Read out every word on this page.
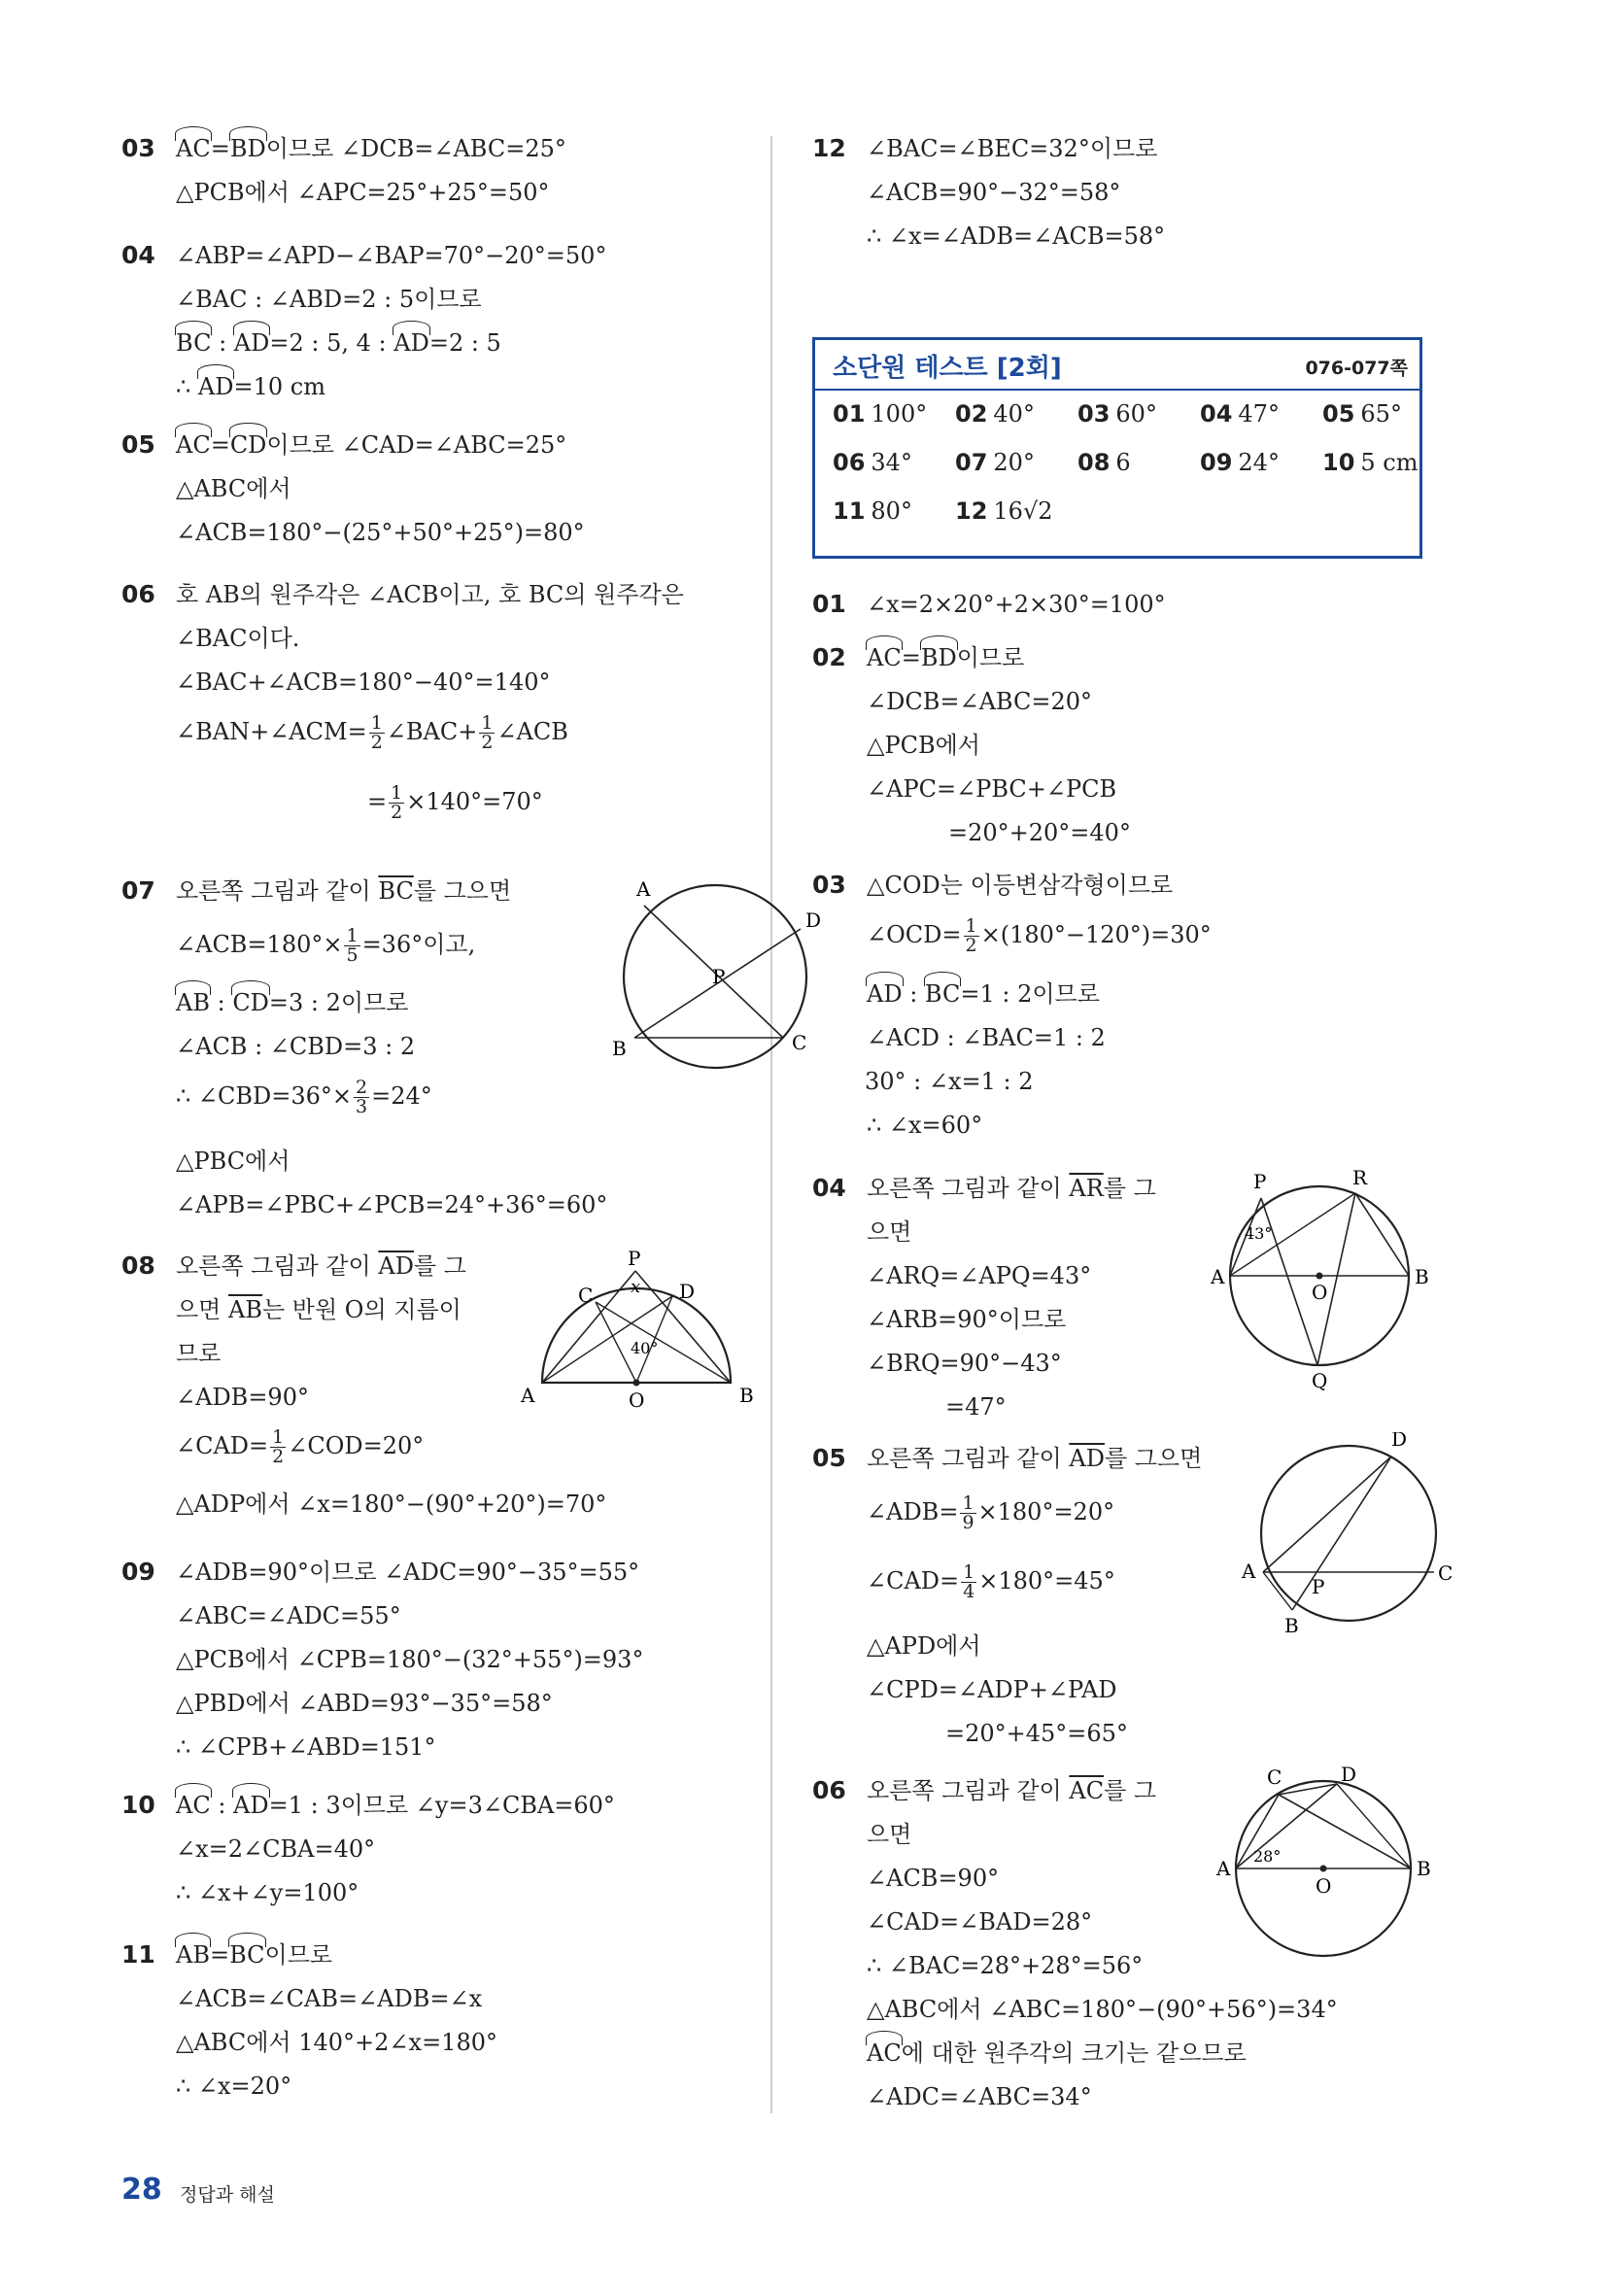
03 AC=BD이므로 ∠DCB=∠ABC=25°
△PCB에서 ∠APC=25°+25°=50°
04 ∠ABP=∠APD−∠BAP=70°−20°=50°
∠BAC : ∠ABD=2 : 5이므로
BC : AD=2 : 5, 4 : AD=2 : 5
∴ AD=10 cm
05 AC=CD이므로 ∠CAD=∠ABC=25°
△ABC에서
∠ACB=180°−(25°+50°+25°)=80°
06 호 AB의 원주각은 ∠ACB이고, 호 BC의 원주각은
∠BAC이다.
∠BAC+∠ACB=180°−40°=140°
∠BAN+∠ACM= $\frac{1}{2}$ ∠BAC+ $\frac{1}{2}$ ∠ACB
= $\frac{1}{2} \times 140^\circ=70^\circ$
07 오른쪽 그림과 같이 $\overline{BC}$를 그으면
∠ACB=180°× $\frac{1}{5} =36^\circ$이고,
AB : CD=3 : 2이므로
∠ACB : ∠CBD=3 : 2
∴ ∠CBD=36°× $\frac{2}{3} =24^\circ$
△PBC에서
∠APB=∠PBC+∠PCB=24°+36°=60°
A
D
B	C
P
08 오른쪽 그림과 같이 $\overline{AD}$를 그
으면 $\overline{AB}$는 반원 O의 지름이
므로
∠ADB=90°
∠CAD= $\frac{1}{2}$ ∠COD=20°
△ADP에서 ∠x=180°−(90°+20°)=70°
P
x
C	D
40°
A	O	B
09 ∠ADB=90°이므로 ∠ADC=90°−35°=55°
∠ABC=∠ADC=55°
△PCB에서 ∠CPB=180°−(32°+55°)=93°
△PBD에서 ∠ABD=93°−35°=58°
∴ ∠CPB+∠ABD=151°
10 AC : AD=1 : 3이므로 ∠y=3∠CBA=60°
∠x=2∠CBA=40°
∴ ∠x+∠y=100°
11 AB=BC이므로
∠ACB=∠CAB=∠ADB=∠x
△ABC에서 140°+2∠x=180°
∴ ∠x=20°
12 ∠BAC=∠BEC=32°이므로
∠ACB=90°−32°=58°
∴ ∠x=∠ADB=∠ACB=58°
소단원 테스트 [2회]	076-077쪽
01 100° 02 40° 03 60° 04 47° 05 65°
06 34° 07 20° 08 6	09 24° 10 5 cm
11 80° 12 16√2
01 ∠x=2×20°+2×30°=100°
02 AC=BD이므로
∠DCB=∠ABC=20°
△PCB에서
∠APC=∠PBC+∠PCB
=20°+20°=40°
03 △COD는 이등변삼각형이므로
∠OCD= $\frac{1}{2} \times(180^\circ-120^\circ)=30^\circ$
AD : BC=1 : 2이므로
∠ACD : ∠BAC=1 : 2
30° : ∠x=1 : 2
∴ ∠x=60°
04 오른쪽 그림과 같이 $\overline{AR}$를 그
으면
∠ARQ=∠APQ=43°
∠ARB=90°이므로
∠BRQ=90°−43°
=47°
P	R
A	B
O
Q
43°
05 오른쪽 그림과 같이 $\overline{AD}$를 그으면
∠ADB= $\frac{1}{9} \times 180^\circ=20^\circ$
∠CAD= $\frac{1}{4} \times 180^\circ=45^\circ$
△APD에서
∠CPD=∠ADP+∠PAD
=20°+45°=65°
D
A
P
C
B
06 오른쪽 그림과 같이 $\overline{AC}$를 그
으면
∠ACB=90°
∠CAD=∠BAD=28°
∴ ∠BAC=28°+28°=56°
△ABC에서 ∠ABC=180°−(90°+56°)=34°
AC에 대한 원주각의 크기는 같으므로
∠ADC=∠ABC=34°
C	D
A	B
O
28°
28 정답과 해설
